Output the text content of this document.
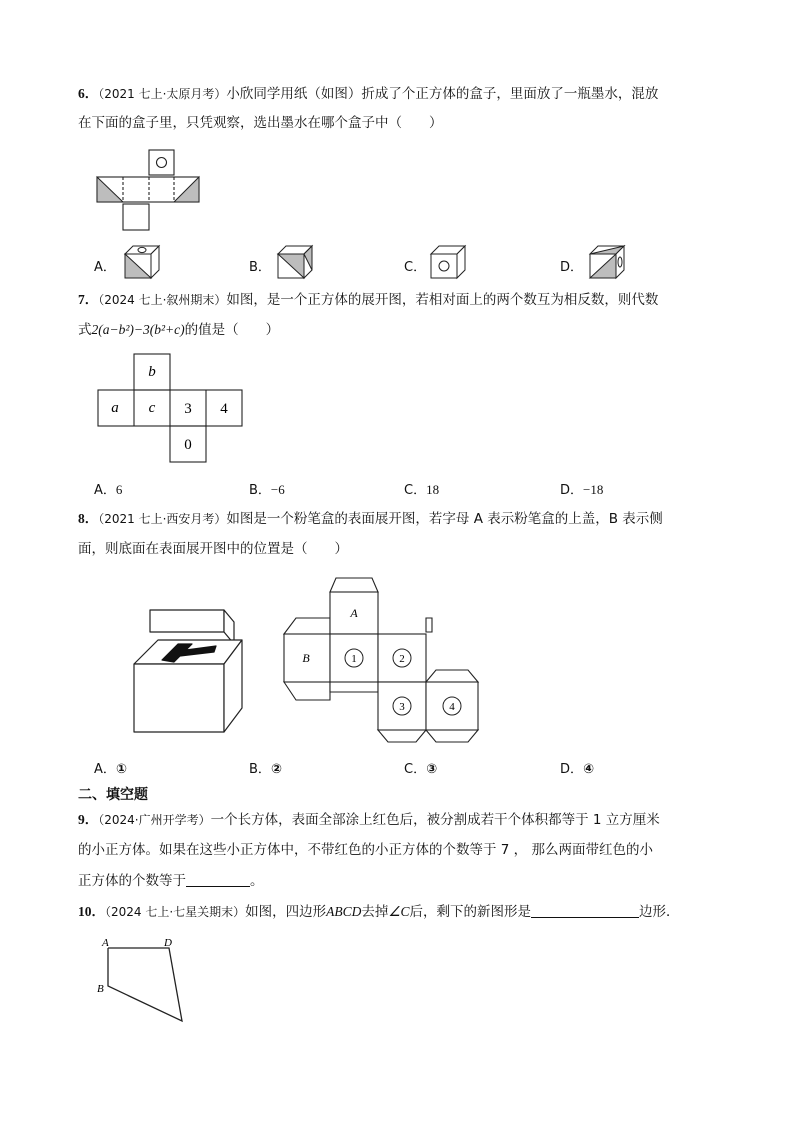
6．（2021 七上·太原月考）小欣同学用纸（如图）折成了个正方体的盒子，里面放了一瓶墨水，混放
在下面的盒子里，只凭观察，选出墨水在哪个盒子中（　　）
A．	B．	C．	D．
7．（2024 七上·叙州期末）如图，是一个正方体的展开图，若相对面上的两个数互为相反数，则代数
式2(a−b²)−3(b²+c)的值是（　　）
b
a c 3 4
0
A．6	B．−6	C．18	D．−18
8．（2021 七上·西安月考）如图是一个粉笔盒的表面展开图，若字母 A 表示粉笔盒的上盖，B 表示侧
面，则底面在表面展开图中的位置是（　　）
A
B	1	2
3	4
A．①	B．②	C．③	D．④
二、填空题
9．（2024·广州开学考）一个长方体，表面全部涂上红色后，被分割成若干个体积都等于 1 立方厘米
的小正方体。如果在这些小正方体中，不带红色的小正方体的个数等于 7 ， 那么两面带红色的小
正方体的个数等于	。
10．（2024 七上·七星关期末）如图，四边形ABCD去掉∠C后，剩下的新图形是	边形．
A	D
B
